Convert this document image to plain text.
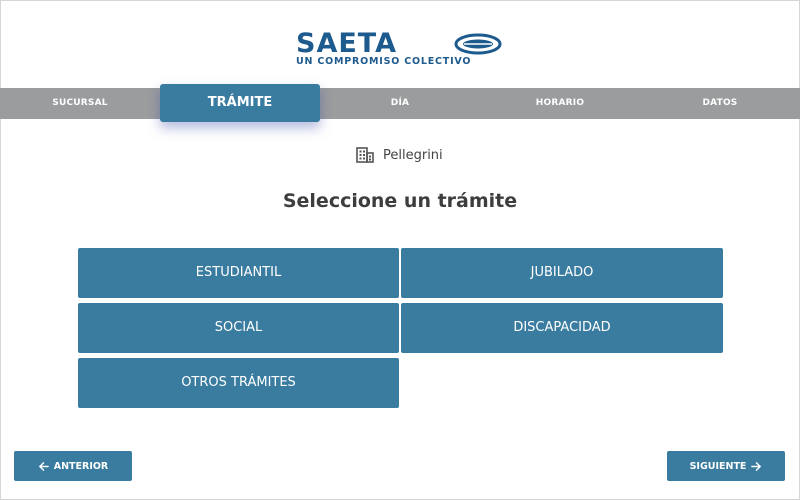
SAETA
UN COMPROMISO COLECTIVO
SUCURSAL	DÍA	HORARIO	DATOS
TRÁMITE
Pellegrini
Seleccione un trámite
ESTUDIANTIL	JUBILADO
SOCIAL	DISCAPACIDAD
OTROS TRÁMITES
ANTERIOR	SIGUIENTE
